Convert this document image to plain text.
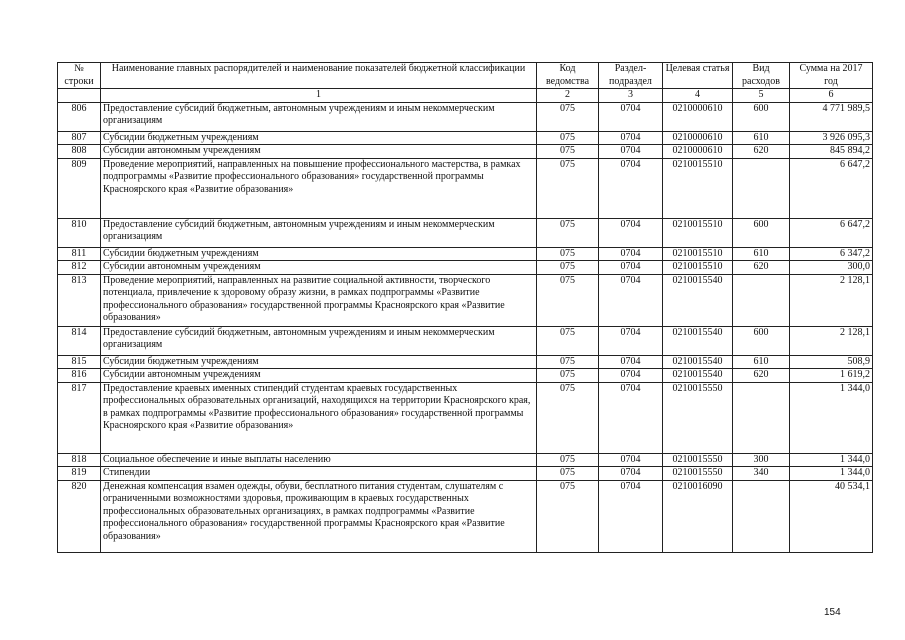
№ строки	Наименование главных распорядителей и наименование показателей бюджетной классификации	Код ведомства	Раздел-подраздел	Целевая статья	Вид расходов	Сумма на 2017 год
	1	2	3	4	5	6
806	Предоставление субсидий бюджетным, автономным учреждениям и иным некоммерческим организациям	075	0704	0210000610	600	4 771 989,5
807	Субсидии бюджетным учреждениям	075	0704	0210000610	610	3 926 095,3
808	Субсидии автономным учреждениям	075	0704	0210000610	620	845 894,2
809	Проведение мероприятий, направленных на повышение профессионального мастерства, в рамках подпрограммы «Развитие профессионального образования» государственной программы Красноярского края «Развитие образования»	075	0704	0210015510		6 647,2
810	Предоставление субсидий бюджетным, автономным учреждениям и иным некоммерческим организациям	075	0704	0210015510	600	6 647,2
811	Субсидии бюджетным учреждениям	075	0704	0210015510	610	6 347,2
812	Субсидии автономным учреждениям	075	0704	0210015510	620	300,0
813	Проведение мероприятий, направленных на развитие социальной активности, творческого потенциала, привлечение к здоровому образу жизни, в рамках подпрограммы «Развитие профессионального образования» государственной программы Красноярского края «Развитие образования»	075	0704	0210015540		2 128,1
814	Предоставление субсидий бюджетным, автономным учреждениям и иным некоммерческим организациям	075	0704	0210015540	600	2 128,1
815	Субсидии бюджетным учреждениям	075	0704	0210015540	610	508,9
816	Субсидии автономным учреждениям	075	0704	0210015540	620	1 619,2
817	Предоставление краевых именных стипендий студентам краевых государственных профессиональных образовательных организаций, находящихся на территории Красноярского края, в рамках подпрограммы «Развитие профессионального образования» государственной программы Красноярского края «Развитие образования»	075	0704	0210015550		1 344,0
818	Социальное обеспечение и иные выплаты населению	075	0704	0210015550	300	1 344,0
819	Стипендии	075	0704	0210015550	340	1 344,0
820	Денежная компенсация взамен одежды, обуви, бесплатного питания студентам, слушателям с ограниченными возможностями здоровья, проживающим в краевых государственных профессиональных образовательных организациях, в рамках подпрограммы «Развитие профессионального образования» государственной программы Красноярского края «Развитие образования»	075	0704	0210016090		40 534,1
154
